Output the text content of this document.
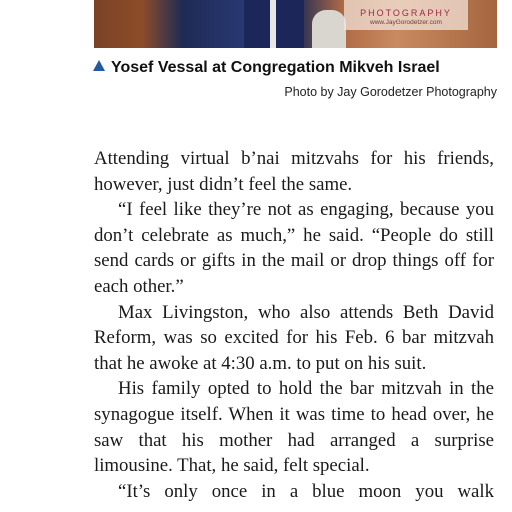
PHOTOGRAPHY
www.JayGorodetzer.com
Yosef Vessal at Congregation Mikveh Israel
Photo by Jay Gorodetzer Photography

Attending virtual b’nai mitzvahs for his friends, however, just didn’t feel the same.

“I feel like they’re not as engaging, because you don’t celebrate as much,” he said. “People do still send cards or gifts in the mail or drop things off for each other.”

Max Livingston, who also attends Beth David Reform, was so excited for his Feb. 6 bar mitzvah that he awoke at 4:30 a.m. to put on his suit.

His family opted to hold the bar mitzvah in the synagogue itself. When it was time to head over, he saw that his mother had arranged a surprise limousine. That, he said, felt special.

“It’s only once in a blue moon you walk
